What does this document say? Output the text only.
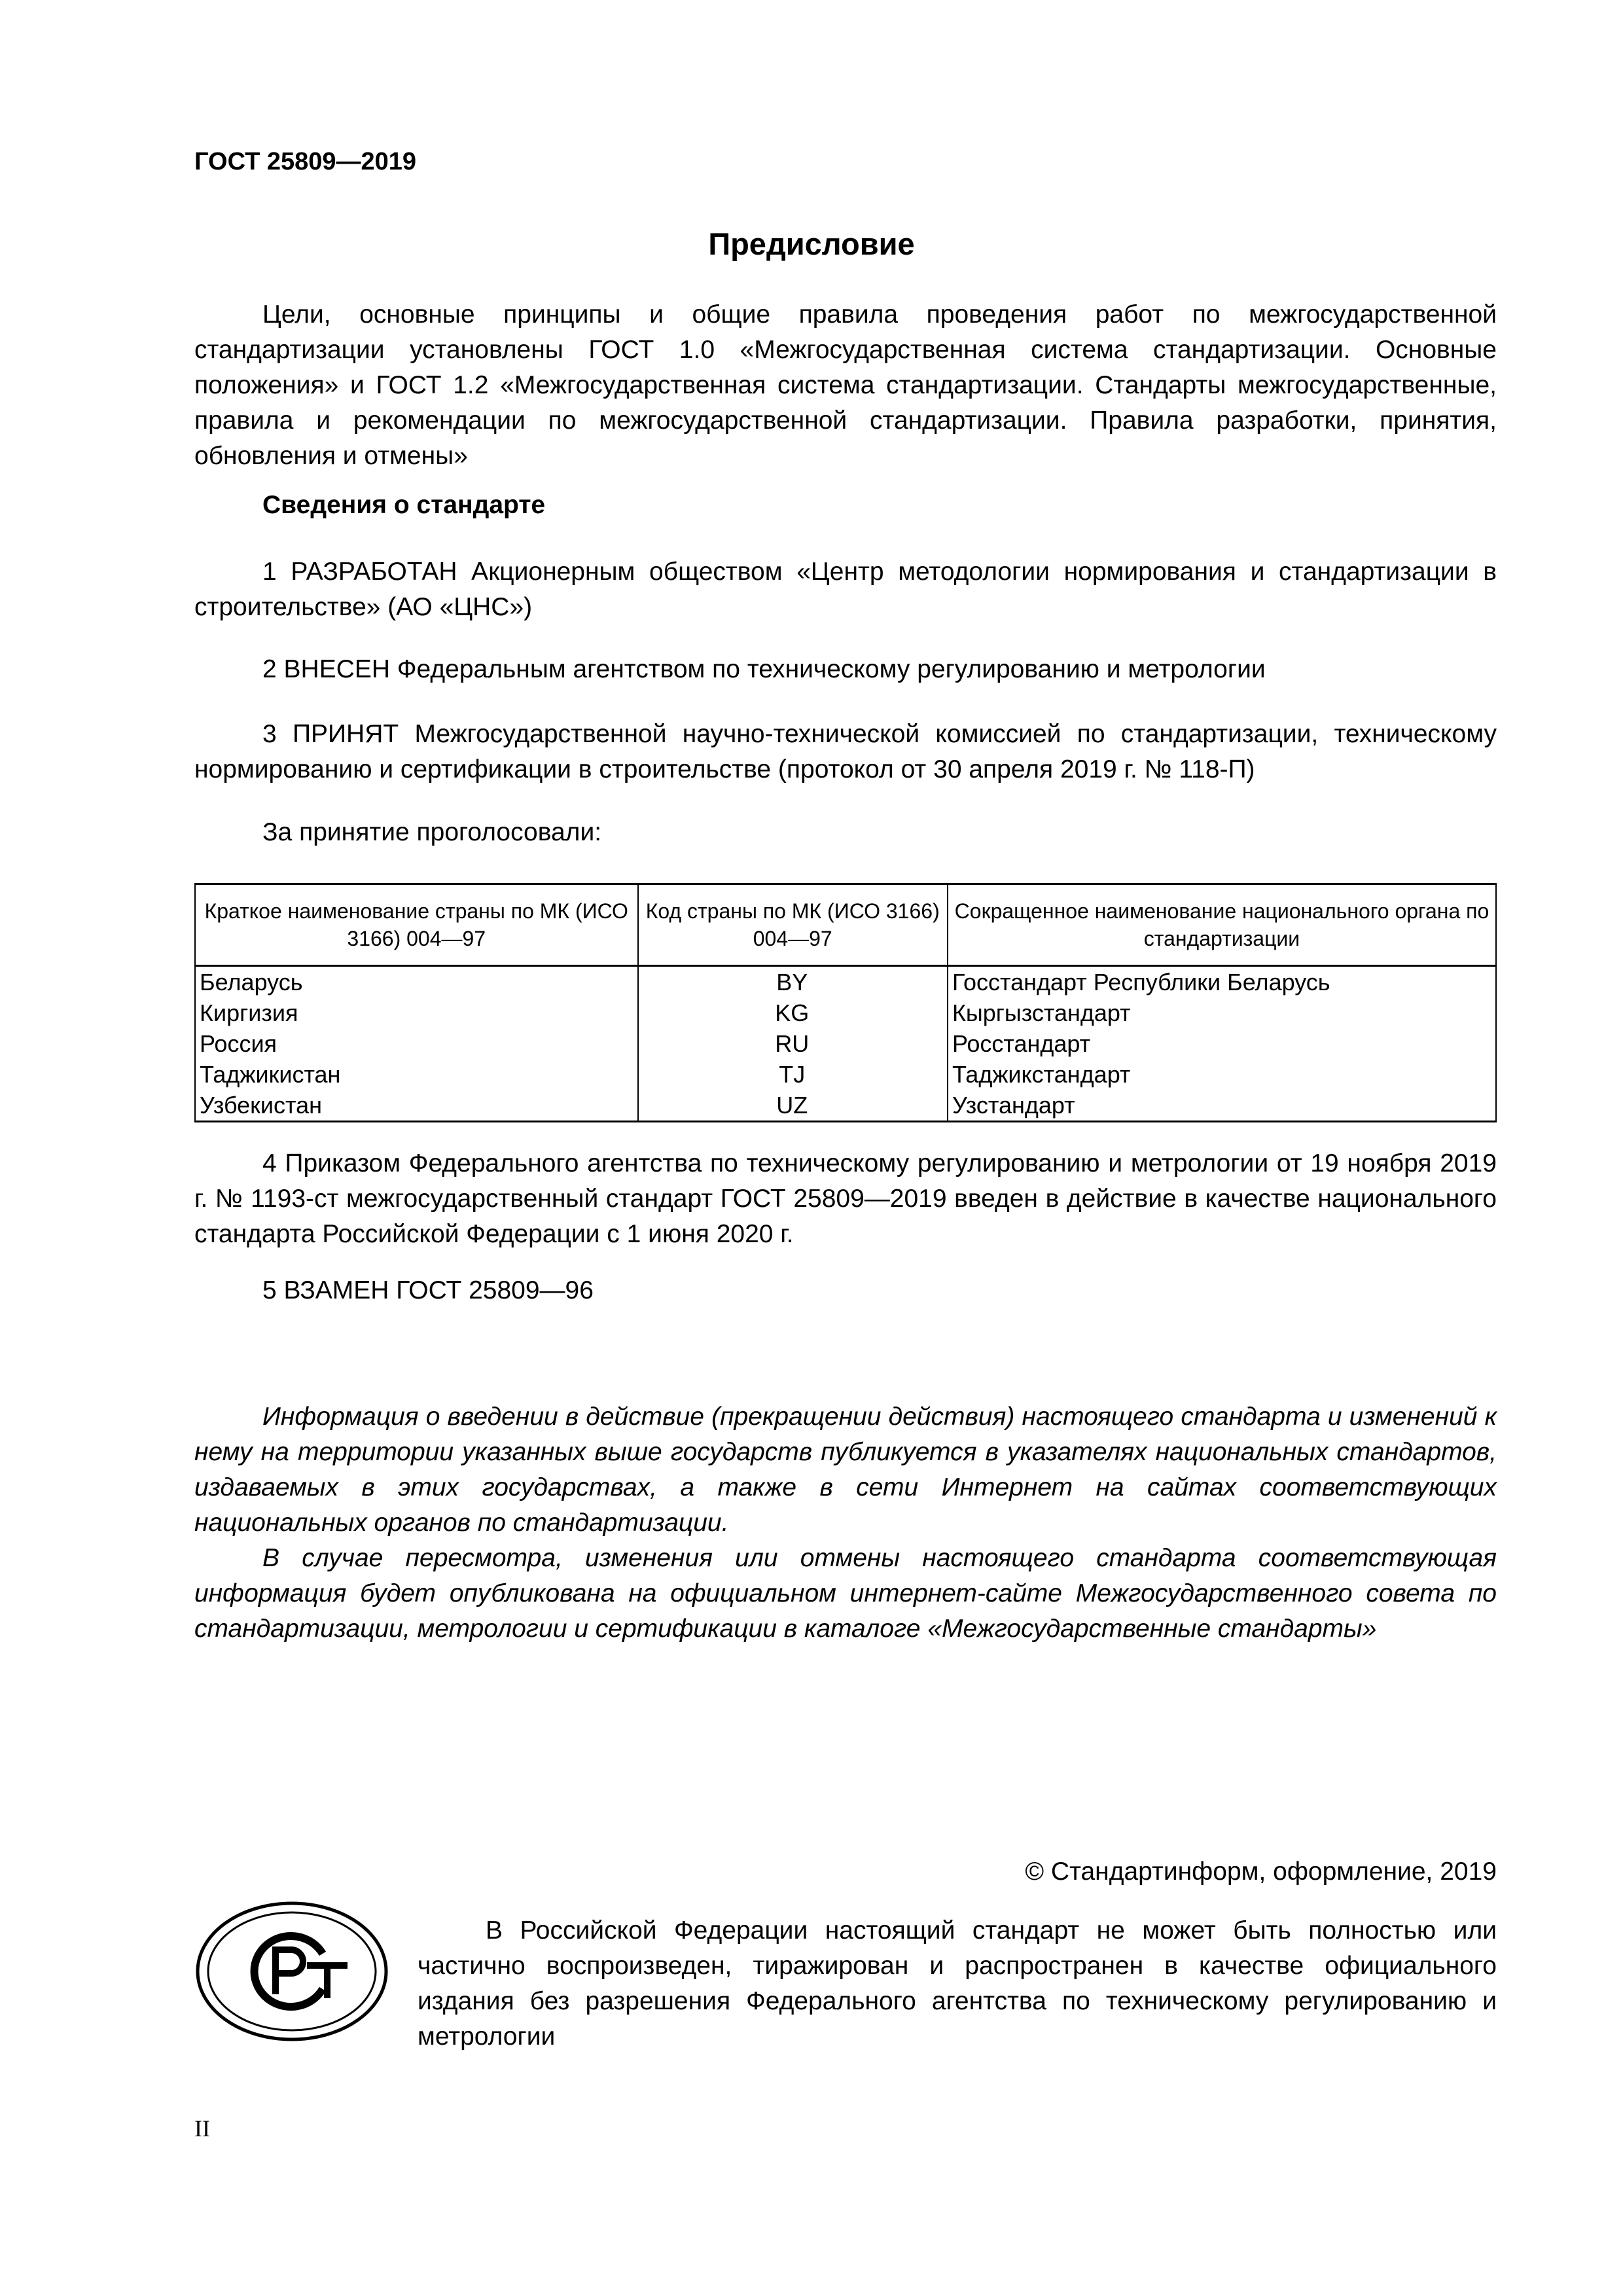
ГОСТ 25809—2019
Предисловие

Цели, основные принципы и общие правила проведения работ по межгосударственной стандартизации установлены ГОСТ 1.0 «Межгосударственная система стандартизации. Основные положения» и ГОСТ 1.2 «Межгосударственная система стандартизации. Стандарты межгосударственные, правила и рекомендации по межгосударственной стандартизации. Правила разработки, принятия, обновления и отмены»

Сведения о стандарте

1 РАЗРАБОТАН Акционерным обществом «Центр методологии нормирования и стандартизации в строительстве» (АО «ЦНС»)

2 ВНЕСЕН Федеральным агентством по техническому регулированию и метрологии

3 ПРИНЯТ Межгосударственной научно-технической комиссией по стандартизации, техническому нормированию и сертификации в строительстве (протокол от 30 апреля 2019 г. № 118-П)

За принятие проголосовали:

Краткое наименование страны по МК (ИСО 3166) 004—97	Код страны по МК (ИСО 3166) 004—97	Сокращенное наименование национального органа по стандартизации
Беларусь	BY	Госстандарт Республики Беларусь
Киргизия	KG	Кыргызстандарт
Россия	RU	Росстандарт
Таджикистан	TJ	Таджикстандарт
Узбекистан	UZ	Узстандарт

4 Приказом Федерального агентства по техническому регулированию и метрологии от 19 ноября 2019 г. № 1193-ст межгосударственный стандарт ГОСТ 25809—2019 введен в действие в качестве национального стандарта Российской Федерации с 1 июня 2020 г.

5 ВЗАМЕН ГОСТ 25809—96

Информация о введении в действие (прекращении действия) настоящего стандарта и изменений к нему на территории указанных выше государств публикуется в указателях национальных стандартов, издаваемых в этих государствах, а также в сети Интернет на сайтах соответствующих национальных органов по стандартизации.

В случае пересмотра, изменения или отмены настоящего стандарта соответствующая информация будет опубликована на официальном интернет-сайте Межгосударственного совета по стандартизации, метрологии и сертификации в каталоге «Межгосударственные стандарты»

© Стандартинформ, оформление, 2019

В Российской Федерации настоящий стандарт не может быть полностью или частично воспроизведен, тиражирован и распространен в качестве официального издания без разрешения Федерального агентства по техническому регулированию и метрологии

II
